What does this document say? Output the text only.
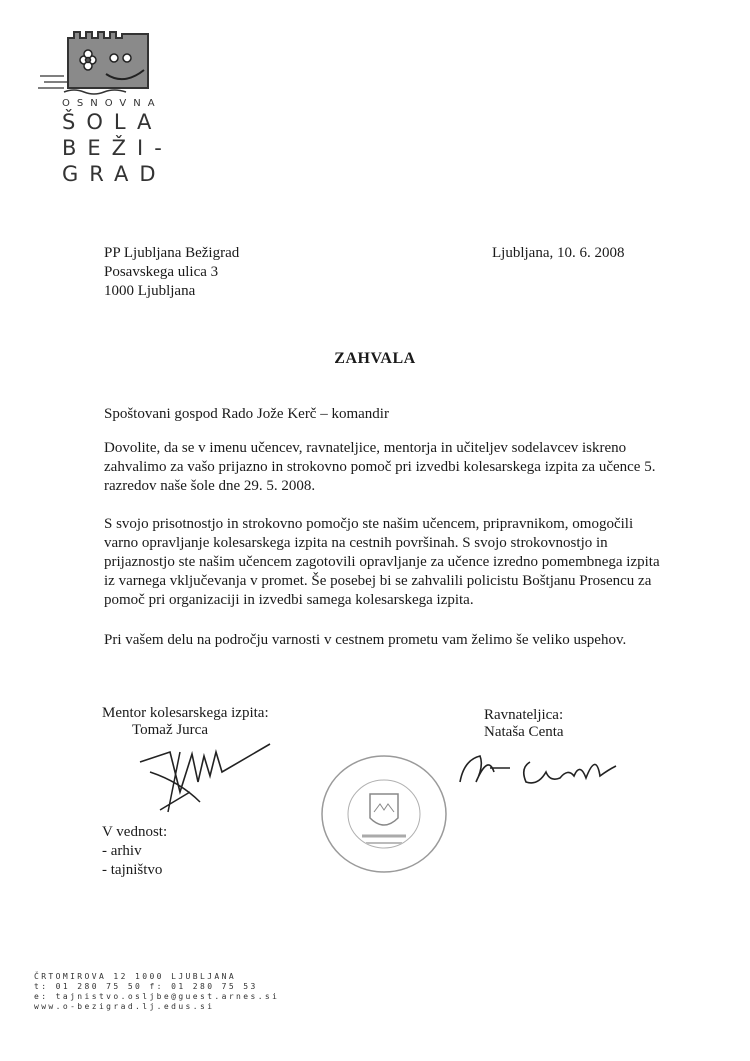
OSNOVNA
ŠOLA
BEŽI-
GRAD
PP Ljubljana Bežigrad
Posavskega ulica 3
1000 Ljubljana
Ljubljana, 10. 6. 2008
ZAHVALA
Spoštovani gospod Rado Jože Kerč – komandir
Dovolite, da se v imenu učencev, ravnateljice, mentorja in učiteljev sodelavcev iskreno
zahvalimo za vašo prijazno in strokovno pomoč pri izvedbi kolesarskega izpita za učence 5.
razredov naše šole dne 29. 5. 2008.
S svojo prisotnostjo in strokovno pomočjo ste našim učencem, pripravnikom, omogočili
varno opravljanje kolesarskega izpita na cestnih površinah. S svojo strokovnostjo in
prijaznostjo ste našim učencem zagotovili opravljanje za učence izredno pomembnega izpita
iz varnega vključevanja v promet. Še posebej bi se zahvalili policistu Boštjanu Prosencu za
pomoč pri organizaciji in izvedbi samega kolesarskega izpita.
Pri vašem delu na področju varnosti v cestnem prometu vam želimo še veliko uspehov.
Mentor kolesarskega izpita:
Tomaž Jurca
Ravnateljica:
Nataša Centa
V vednost:
- arhiv
- tajništvo
ČRTOMIROVA 12 1000 LJUBLJANA
t: 01 280 75 50 f: 01 280 75 53
e: tajnistvo.osljbe@guest.arnes.si
www.o-bezigrad.lj.edus.si
